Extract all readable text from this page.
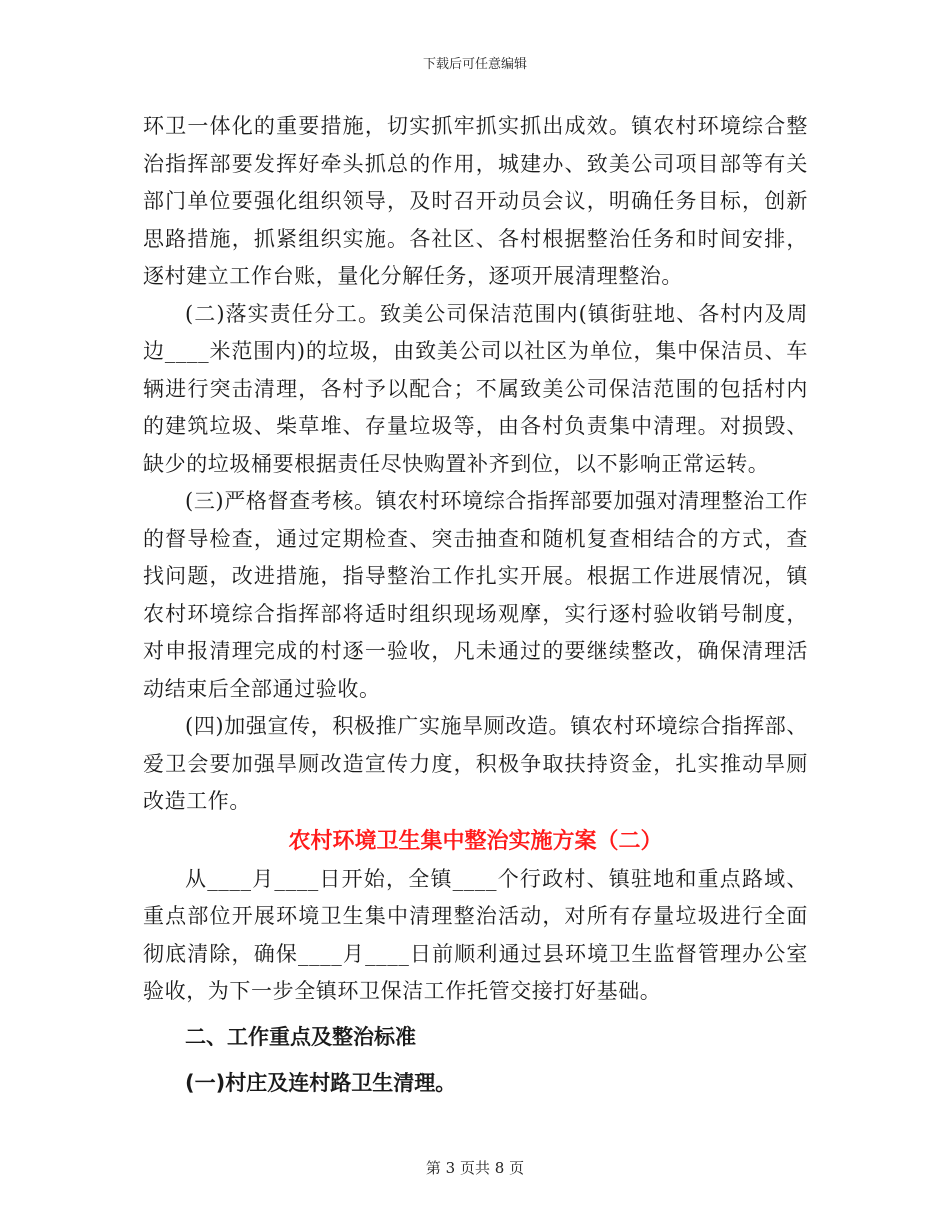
下载后可任意编辑

环卫一体化的重要措施，切实抓牢抓实抓出成效。镇农村环境综合整治指挥部要发挥好牵头抓总的作用，城建办、致美公司项目部等有关部门单位要强化组织领导，及时召开动员会议，明确任务目标，创新思路措施，抓紧组织实施。各社区、各村根据整治任务和时间安排，逐村建立工作台账，量化分解任务，逐项开展清理整治。

(二)落实责任分工。致美公司保洁范围内(镇街驻地、各村内及周边____米范围内)的垃圾，由致美公司以社区为单位，集中保洁员、车辆进行突击清理，各村予以配合；不属致美公司保洁范围的包括村内的建筑垃圾、柴草堆、存量垃圾等，由各村负责集中清理。对损毁、缺少的垃圾桶要根据责任尽快购置补齐到位，以不影响正常运转。

(三)严格督查考核。镇农村环境综合指挥部要加强对清理整治工作的督导检查，通过定期检查、突击抽查和随机复查相结合的方式，查找问题，改进措施，指导整治工作扎实开展。根据工作进展情况，镇农村环境综合指挥部将适时组织现场观摩，实行逐村验收销号制度，对申报清理完成的村逐一验收，凡未通过的要继续整改，确保清理活动结束后全部通过验收。

(四)加强宣传，积极推广实施旱厕改造。镇农村环境综合指挥部、爱卫会要加强旱厕改造宣传力度，积极争取扶持资金，扎实推动旱厕改造工作。

农村环境卫生集中整治实施方案（二）

从____月____日开始，全镇____个行政村、镇驻地和重点路域、重点部位开展环境卫生集中清理整治活动，对所有存量垃圾进行全面彻底清除，确保____月____日前顺利通过县环境卫生监督管理办公室验收，为下一步全镇环卫保洁工作托管交接打好基础。

二、工作重点及整治标准
(一)村庄及连村路卫生清理。
第 3 页共 8 页
